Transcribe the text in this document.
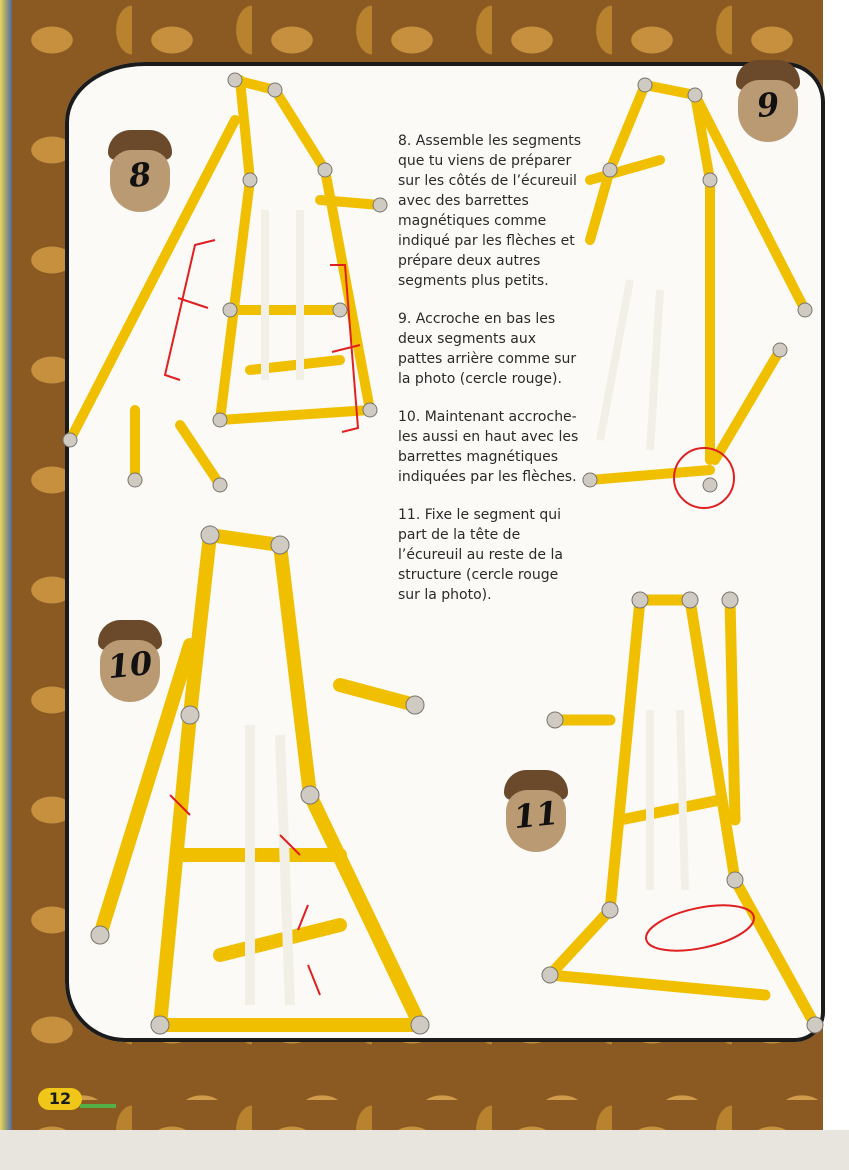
8
9
10
11

8. Assemble les segments que tu viens de préparer sur les côtés de l’écureuil avec des barrettes magnétiques comme indiqué par les flèches et prépare deux autres segments plus petits.

9. Accroche en bas les deux segments aux pattes arrière comme sur la photo (cercle rouge).

10. Maintenant accroche-les aussi en haut avec les barrettes magnétiques indiquées par les flèches.

11. Fixe le segment qui part de la tête de l’écureuil au reste de la structure (cercle rouge sur la photo).

12
